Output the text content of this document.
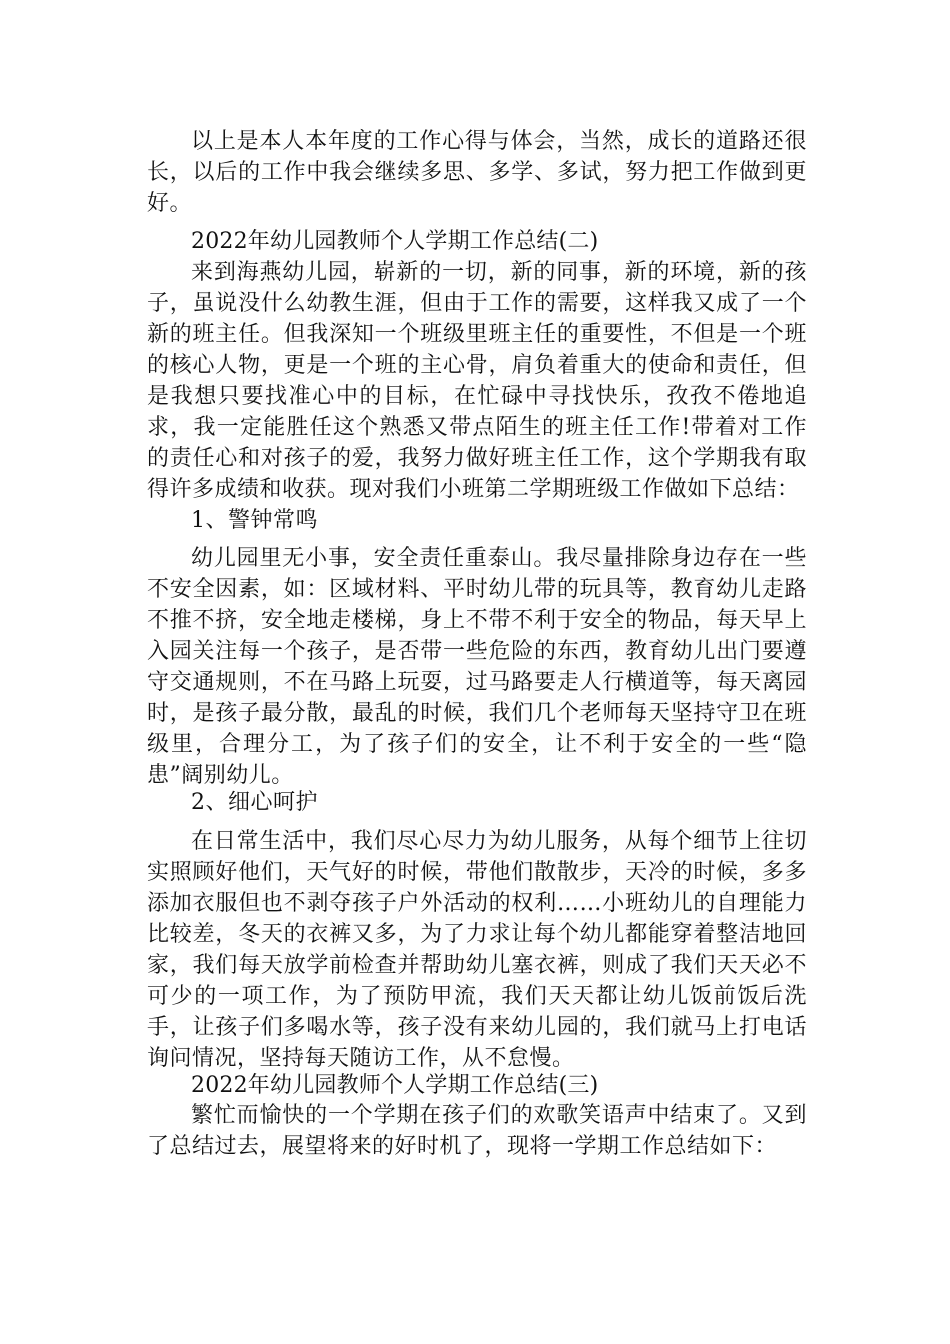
以上是本人本年度的工作心得与体会，当然，成长的道路还很长，以后的工作中我会继续多思、多学、多试，努力把工作做到更好。

2022年幼儿园教师个人学期工作总结(二)

来到海燕幼儿园，崭新的一切，新的同事，新的环境，新的孩子，虽说没什么幼教生涯，但由于工作的需要，这样我又成了一个新的班主任。但我深知一个班级里班主任的重要性，不但是一个班的核心人物，更是一个班的主心骨，肩负着重大的使命和责任，但是我想只要找准心中的目标，在忙碌中寻找快乐，孜孜不倦地追求，我一定能胜任这个熟悉又带点陌生的班主任工作!带着对工作的责任心和对孩子的爱，我努力做好班主任工作，这个学期我有取得许多成绩和收获。现对我们小班第二学期班级工作做如下总结：

1、警钟常鸣

幼儿园里无小事，安全责任重泰山。我尽量排除身边存在一些不安全因素，如：区域材料、平时幼儿带的玩具等，教育幼儿走路不推不挤，安全地走楼梯，身上不带不利于安全的物品，每天早上入园关注每一个孩子，是否带一些危险的东西，教育幼儿出门要遵守交通规则，不在马路上玩耍，过马路要走人行横道等，每天离园时，是孩子最分散，最乱的时候，我们几个老师每天坚持守卫在班级里，合理分工，为了孩子们的安全，让不利于安全的一些“隐患”阔别幼儿。

2、细心呵护

在日常生活中，我们尽心尽力为幼儿服务，从每个细节上往切实照顾好他们，天气好的时候，带他们散散步，天冷的时候，多多添加衣服但也不剥夺孩子户外活动的权利……小班幼儿的自理能力比较差，冬天的衣裤又多，为了力求让每个幼儿都能穿着整洁地回家，我们每天放学前检查并帮助幼儿塞衣裤，则成了我们天天必不可少的一项工作，为了预防甲流，我们天天都让幼儿饭前饭后洗手，让孩子们多喝水等，孩子没有来幼儿园的，我们就马上打电话询问情况，坚持每天随访工作，从不怠慢。

2022年幼儿园教师个人学期工作总结(三)

繁忙而愉快的一个学期在孩子们的欢歌笑语声中结束了。又到了总结过去，展望将来的好时机了，现将一学期工作总结如下：
